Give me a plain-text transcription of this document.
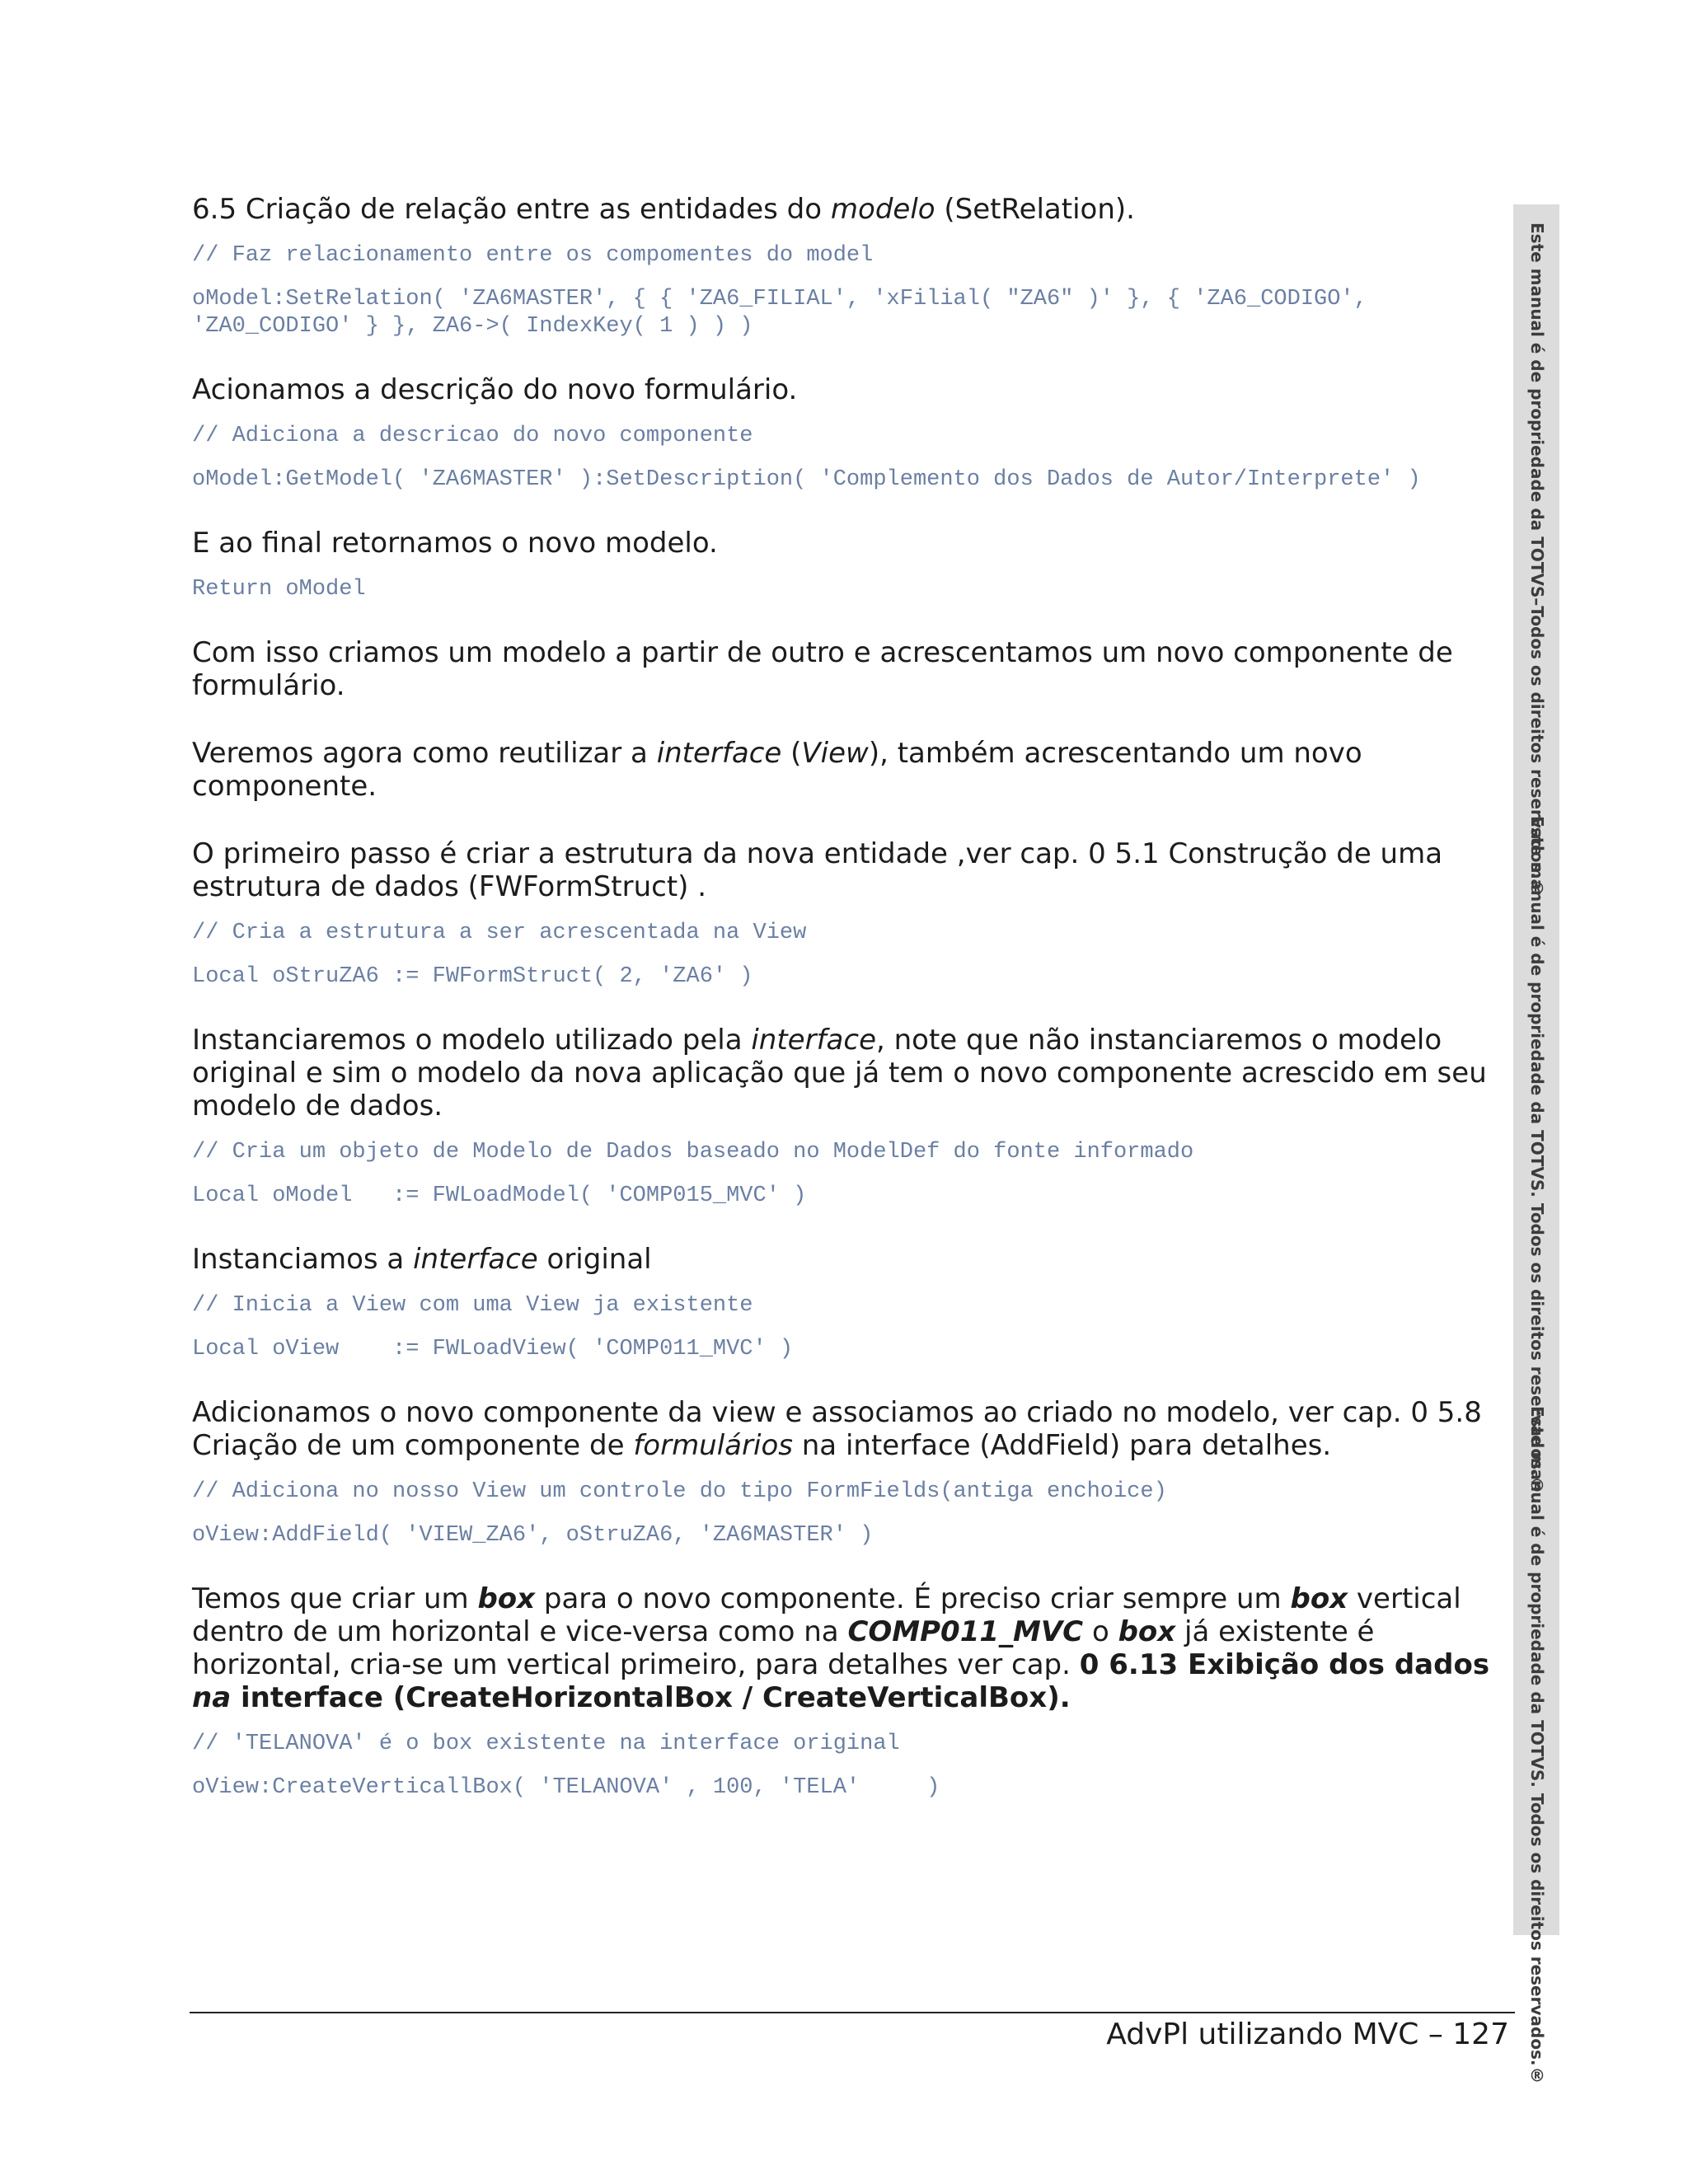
6.5 Criação de relação entre as entidades do modelo (SetRelation).

// Faz relacionamento entre os compomentes do model
oModel:SetRelation( 'ZA6MASTER', { { 'ZA6_FILIAL', 'xFilial( "ZA6" )' }, { 'ZA6_CODIGO',
'ZA0_CODIGO' } }, ZA6->( IndexKey( 1 ) ) )

Acionamos a descrição do novo formulário.

// Adiciona a descricao do novo componente
oModel:GetModel( 'ZA6MASTER' ):SetDescription( 'Complemento dos Dados de Autor/Interprete' )

E ao final retornamos o novo modelo.

Return oModel

Com isso criamos um modelo a partir de outro e acrescentamos um novo componente de formulário.

Veremos agora como reutilizar a interface (View), também acrescentando um novo componente.

O primeiro passo é criar a estrutura da nova entidade ,ver cap. 0 5.1 Construção de uma estrutura de dados (FWFormStruct) .

// Cria a estrutura a ser acrescentada na View
Local oStruZA6 := FWFormStruct( 2, 'ZA6' )

Instanciaremos o modelo utilizado pela interface, note que não instanciaremos o modelo original e sim o modelo da nova aplicação que já tem o novo componente acrescido em seu modelo de dados.

// Cria um objeto de Modelo de Dados baseado no ModelDef do fonte informado
Local oModel   := FWLoadModel( 'COMP015_MVC' )

Instanciamos a interface original

// Inicia a View com uma View ja existente
Local oView    := FWLoadView( 'COMP011_MVC' )

Adicionamos o novo componente da view e associamos ao criado no modelo, ver cap. 0 5.8 Criação de um componente de formulários na interface (AddField) para detalhes.

// Adiciona no nosso View um controle do tipo FormFields(antiga enchoice)
oView:AddField( 'VIEW_ZA6', oStruZA6, 'ZA6MASTER' )

Temos que criar um box para o novo componente. É preciso criar sempre um box vertical dentro de um horizontal e vice-versa como na COMP011_MVC o box já existente é horizontal, cria-se um vertical primeiro, para detalhes ver cap. 0 6.13 Exibição dos dados na interface (CreateHorizontalBox / CreateVerticalBox).

// 'TELANOVA' é o box existente na interface original
oView:CreateVerticallBox( 'TELANOVA' , 100, 'TELA'     )
Este manual é de propriedade da TOTVS–Todos os direitos reservados.®
Este manual é de propriedade da TOTVS. Todos os direitos reservados.®
Este manual é de propriedade da TOTVS. Todos os direitos reservados.®
AdvPl utilizando MVC – 127
